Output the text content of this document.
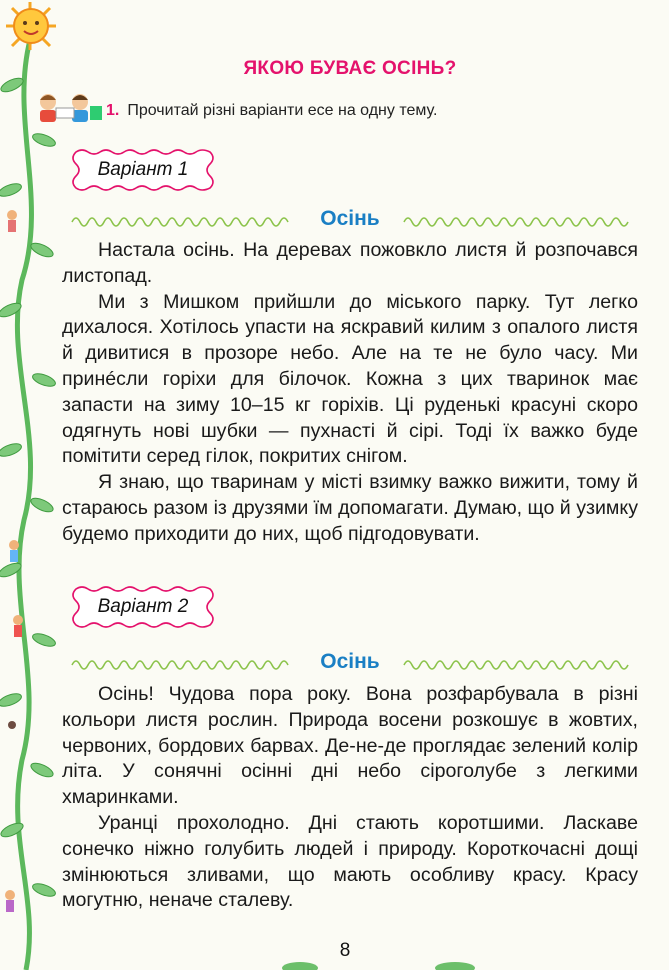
ЯКОЮ БУВАЄ ОСІНЬ?
1. Прочитай різні варіанти есе на одну тему.
Варіант 1
Осінь

Настала осінь. На деревах пожовкло листя й розпочався листопад.

Ми з Мишком прийшли до міського парку. Тут легко дихалося. Хотілось упасти на яскравий килим з опалого листя й дивитися в прозоре небо. Але на те не було часу. Ми принéсли горіхи для білочок. Кожна з цих тваринок має запасти на зиму 10–15 кг горіхів. Ці руденькі красуні скоро одягнуть нові шубки — пухнасті й сірі. Тоді їх важко буде помітити серед гілок, покритих снігом.

Я знаю, що тваринам у місті взимку важко вижити, тому й стараюсь разом із друзями їм допомагати. Думаю, що й узимку будемо приходити до них, щоб підгодовувати.

Варіант 2
Осінь

Осінь! Чудова пора року. Вона розфарбувала в різні кольори листя рослин. Природа восени розкошує в жовтих, червоних, бордових барвах. Де-не-де проглядає зелений колір літа. У сонячні осінні дні небо сіроголубе з легкими хмаринками.

Уранці прохолодно. Дні стають коротшими. Ласкаве сонечко ніжно голубить людей і природу. Короткочасні дощі змінюються зливами, що мають особливу красу. Красу могутню, неначе сталеву.

8
